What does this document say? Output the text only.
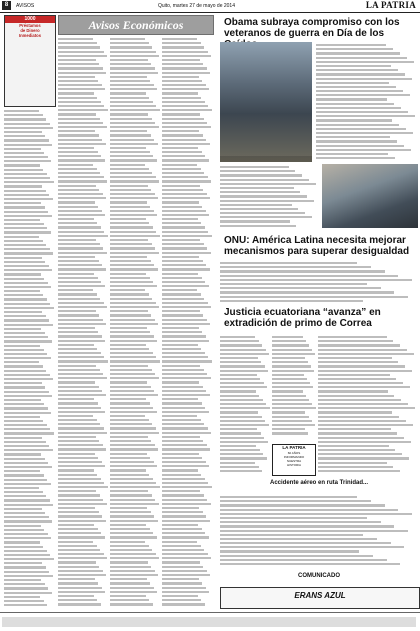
8	AVISOS	Quito, martes 27 de mayo de 2014	LA PATRIA
1000
Préstamos
de Dinero
Inmediatos
Avisos Económicos	Obama subraya compromiso con los veteranos de guerra en Día de los
ONU: América Latina necesita mejorar mecanismos para superar desigualdad
Justicia ecuatoriana “avanza” en extradición de primo de Correa
LA PATRIA
60 AÑOS
INFORMANDO
NUESTRA
HISTORIA
Accidente aéreo en ruta Trinidad...
COMUNICADO
ERANS AZUL
